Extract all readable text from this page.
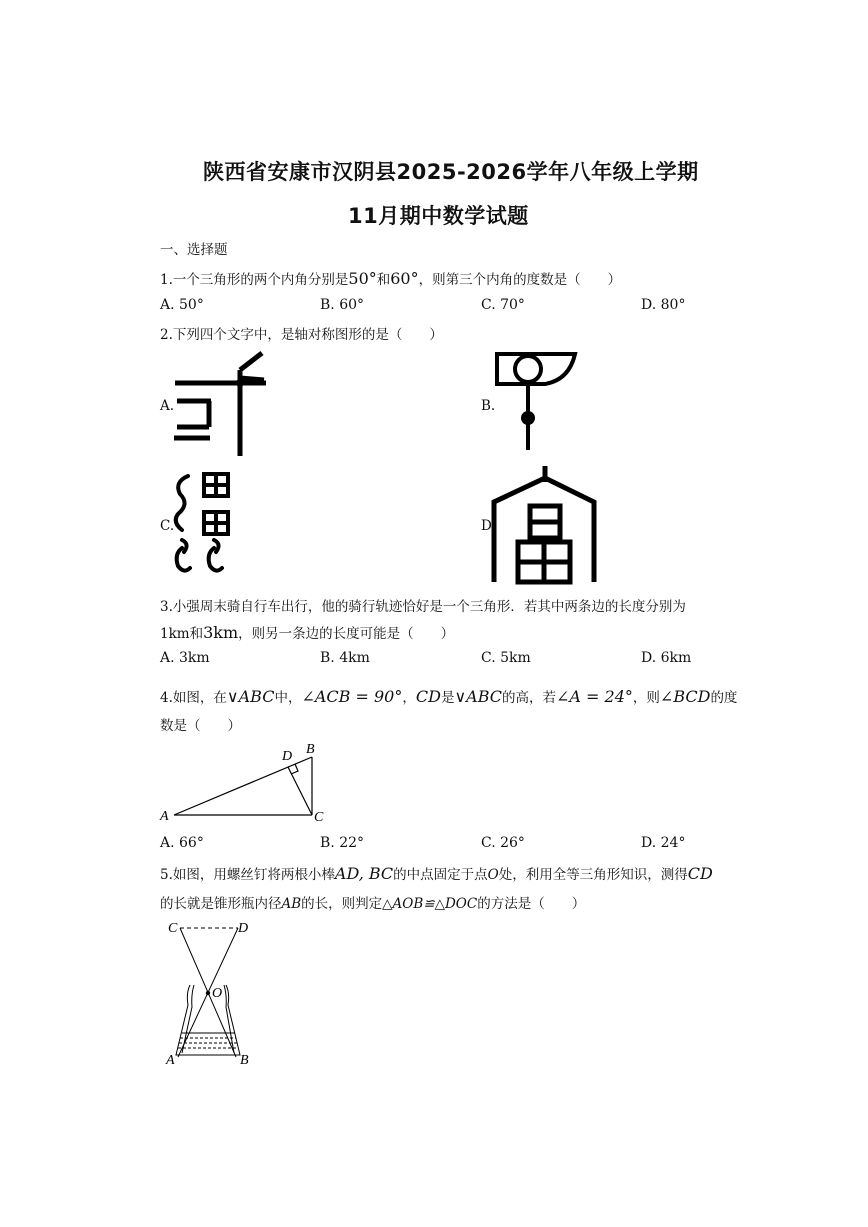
陕西省安康市汉阴县2025-2026学年八年级上学期
11月期中数学试题
一、选择题
1.一个三角形的两个内角分别是50°和60°，则第三个内角的度数是（　　）
A. 50°	B. 60°	C. 70°	D. 80°
2.下列四个文字中，是轴对称图形的是（　　）
A.	B.
C.	D.
3.小强周末骑自行车出行，他的骑行轨迹恰好是一个三角形．若其中两条边的长度分别为
1km和3km，则另一条边的长度可能是（　　）
A. 3km	B. 4km	C. 5km	D. 6km
4.如图，在∨ABC中，∠ACB = 90°，CD是∨ABC的高，若∠A = 24°，则∠BCD的度
数是（　　）
A
B
C
D
A. 66°	B. 22°	C. 26°	D. 24°
5.如图，用螺丝钉将两根小棒AD, BC的中点固定于点O处，利用全等三角形知识，测得CD
的长就是锥形瓶内径AB的长，则判定△AOB≌△DOC的方法是（　　）
C	D
O
A	B
